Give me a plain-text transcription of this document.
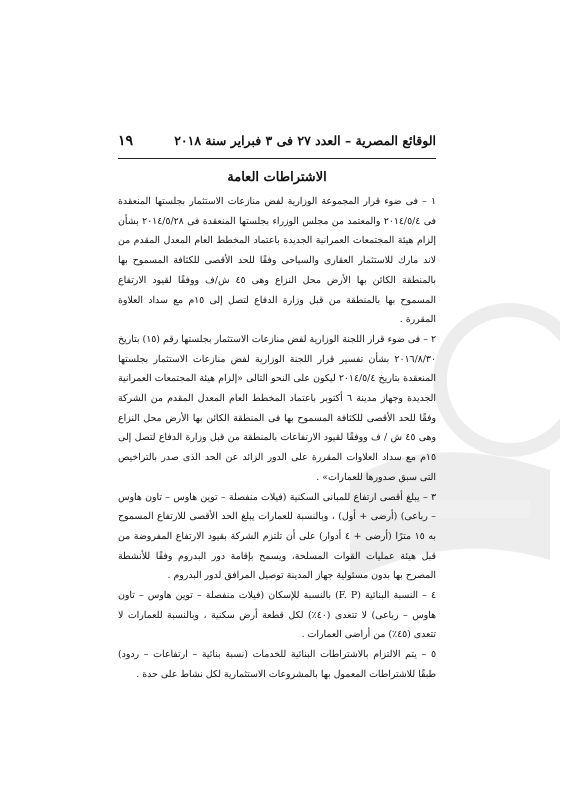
١٩	الوقائع المصرية – العدد ٢٧ فى ٣ فبراير سنة ٢٠١٨
الاشتراطات العامة

١ – فى ضوء قرار المجموعة الوزارية لفض منازعات الاستثمار بجلستها المنعقدة فى ٢٠١٤/٥/٤ والمعتمد من مجلس الوزراء بجلستها المنعقدة فى ٢٠١٤/٥/٢٨ بشأن إلزام هيئة المجتمعات العمرانية الجديدة باعتماد المخطط العام المعدل المقدم من لاند مارك للاستثمار العقارى والسياحى وفقًا للحد الأقصى للكثافة المسموح بها بالمنطقة الكائن بها الأرض محل النزاع وهى ٤٥ ش/ف ووفقًا لقيود الارتفاع المسموح بها بالمنطقة من قبل وزارة الدفاع لتصل إلى ١٥م مع سداد العلاوة المقررة .

٢ – فى ضوء قرار اللجنة الوزارية لفض منازعات الاستثمار بجلستها رقم (١٥) بتاريخ ٢٠١٦/٨/٣٠ بشأن تفسير قرار اللجنة الوزارية لفض منازعات الاستثمار بجلستها المنعقدة بتاريخ ٢٠١٤/٥/٤ ليكون على النحو التالى «إلزام هيئة المجتمعات العمرانية الجديدة وجهاز مدينة ٦ أكتوبر باعتماد المخطط العام المعدل المقدم من الشركة وفقًا للحد الأقصى للكثافة المسموح بها فى المنطقة الكائن بها الأرض محل النزاع وهى ٤٥ ش / ف ووفقًا لقيود الارتفاعات بالمنطقة من قبل وزارة الدفاع لتصل إلى ١٥م مع سداد العلاوات المقررة على الدور الزائد عن الحد الذى صدر بالتراخيص التى سبق صدورها للعمارات» .

٣ – يبلغ أقصى ارتفاع للمبانى السكنية (فيلات منفصلة – توين هاوس – تاون هاوس – رباعى) (أرضى + أول) ، وبالنسبة للعمارات يبلغ الحد الأقصى للارتفاع المسموح به ١٥ مترًا (أرضى + ٤ أدوار) على أن تلتزم الشركة بقيود الارتفاع المفروضة من قبل هيئة عمليات القوات المسلحة، ويسمح بإقامة دور البدروم وفقًا للأنشطة المصرح بها بدون مسئولية جهاز المدينة توصيل المرافق لدور البدروم .

٤ – النسبة البنائية (F. P) بالنسبة للإسكان (فيلات منفصلة – توين هاوس – تاون هاوس – رباعى) لا تتعدى (٤٠٪) لكل قطعة أرض سكنية ، وبالنسبة للعمارات لا تتعدى (٤٥٪) من أراضى العمارات .

٥ – يتم الالتزام بالاشتراطات البنائية للخدمات (نسبة بنائية – ارتفاعات – ردود) طبقًا للاشتراطات المعمول بها بالمشروعات الاستثمارية لكل نشاط على حدة .
